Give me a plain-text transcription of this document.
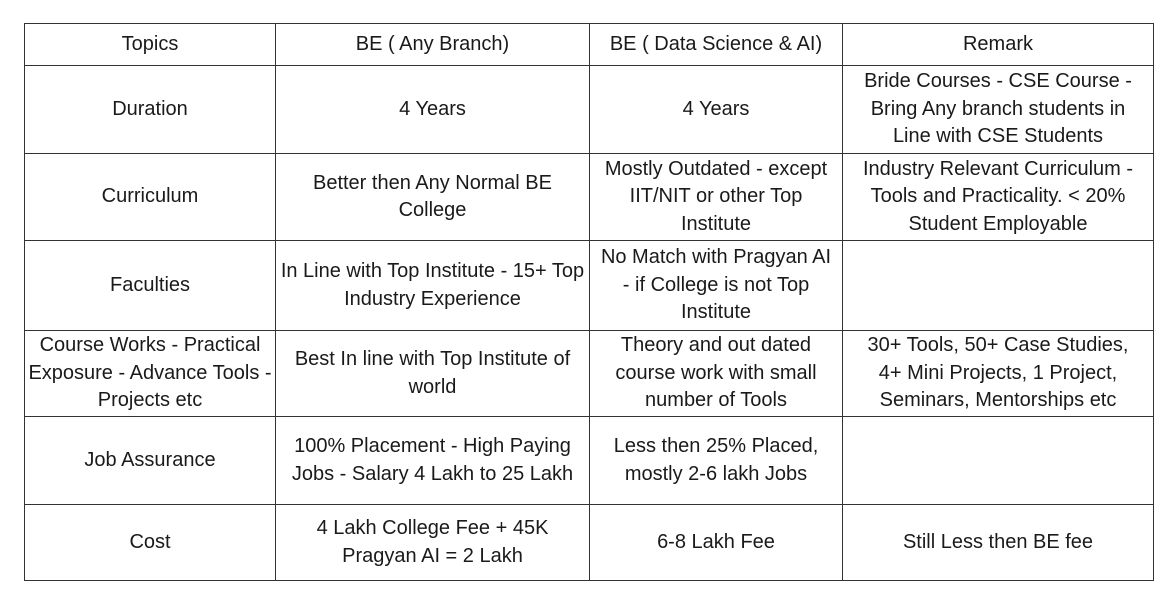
Topics	BE ( Any Branch)	BE ( Data Science & AI)	Remark
Duration	4 Years	4 Years	Bride Courses - CSE Course - Bring Any branch students in Line with CSE Students

Curriculum	Better then Any Normal BE College	Mostly Outdated - except IIT/NIT or other Top Institute	Industry Relevant Curriculum - Tools and Practicality. < 20% Student Employable
Faculties	In Line with Top Institute - 15+ Top Industry Experience	No Match with Pragyan AI - if College is not Top Institute	

Course Works - Practical Exposure - Advance Tools - Projects etc	Best In line with Top Institute of world	Theory and out dated course work with small number of Tools	30+ Tools, 50+ Case Studies, 4+ Mini Projects, 1 Project, Seminars, Mentorships etc

Job Assurance	100% Placement - High Paying Jobs - Salary 4 Lakh to 25 Lakh	Less then 25% Placed, mostly 2-6 lakh Jobs	

Cost	4 Lakh College Fee + 45K Pragyan AI = 2 Lakh	6-8 Lakh Fee	Still Less then BE fee
